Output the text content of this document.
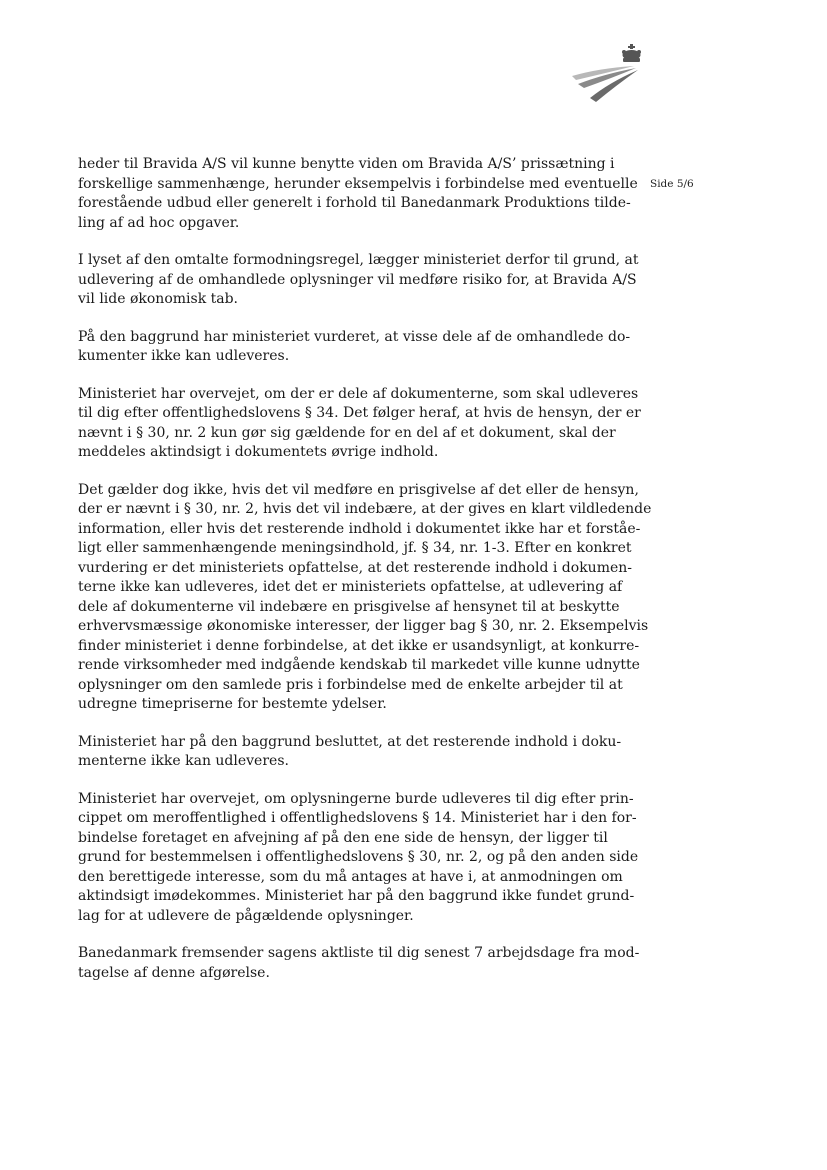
Side 5/6

heder til Bravida A/S vil kunne benytte viden om Bravida A/S’ prissætning i
forskellige sammenhænge, herunder eksempelvis i forbindelse med eventuelle
forestående udbud eller generelt i forhold til Banedanmark Produktions tilde-
ling af ad hoc opgaver.

I lyset af den omtalte formodningsregel, lægger ministeriet derfor til grund, at
udlevering af de omhandlede oplysninger vil medføre risiko for, at Bravida A/S
vil lide økonomisk tab.

På den baggrund har ministeriet vurderet, at visse dele af de omhandlede do-
kumenter ikke kan udleveres.

Ministeriet har overvejet, om der er dele af dokumenterne, som skal udleveres
til dig efter offentlighedslovens § 34. Det følger heraf, at hvis de hensyn, der er
nævnt i § 30, nr. 2 kun gør sig gældende for en del af et dokument, skal der
meddeles aktindsigt i dokumentets øvrige indhold.

Det gælder dog ikke, hvis det vil medføre en prisgivelse af det eller de hensyn,
der er nævnt i § 30, nr. 2, hvis det vil indebære, at der gives en klart vildledende
information, eller hvis det resterende indhold i dokumentet ikke har et forståe-
ligt eller sammenhængende meningsindhold, jf. § 34, nr. 1-3. Efter en konkret
vurdering er det ministeriets opfattelse, at det resterende indhold i dokumen-
terne ikke kan udleveres, idet det er ministeriets opfattelse, at udlevering af
dele af dokumenterne vil indebære en prisgivelse af hensynet til at beskytte
erhvervsmæssige økonomiske interesser, der ligger bag § 30, nr. 2. Eksempelvis
finder ministeriet i denne forbindelse, at det ikke er usandsynligt, at konkurre-
rende virksomheder med indgående kendskab til markedet ville kunne udnytte
oplysninger om den samlede pris i forbindelse med de enkelte arbejder til at
udregne timepriserne for bestemte ydelser.

Ministeriet har på den baggrund besluttet, at det resterende indhold i doku-
menterne ikke kan udleveres.

Ministeriet har overvejet, om oplysningerne burde udleveres til dig efter prin-
cippet om meroffentlighed i offentlighedslovens § 14. Ministeriet har i den for-
bindelse foretaget en afvejning af på den ene side de hensyn, der ligger til
grund for bestemmelsen i offentlighedslovens § 30, nr. 2, og på den anden side
den berettigede interesse, som du må antages at have i, at anmodningen om
aktindsigt imødekommes. Ministeriet har på den baggrund ikke fundet grund-
lag for at udlevere de pågældende oplysninger.

Banedanmark fremsender sagens aktliste til dig senest 7 arbejdsdage fra mod-
tagelse af denne afgørelse.
